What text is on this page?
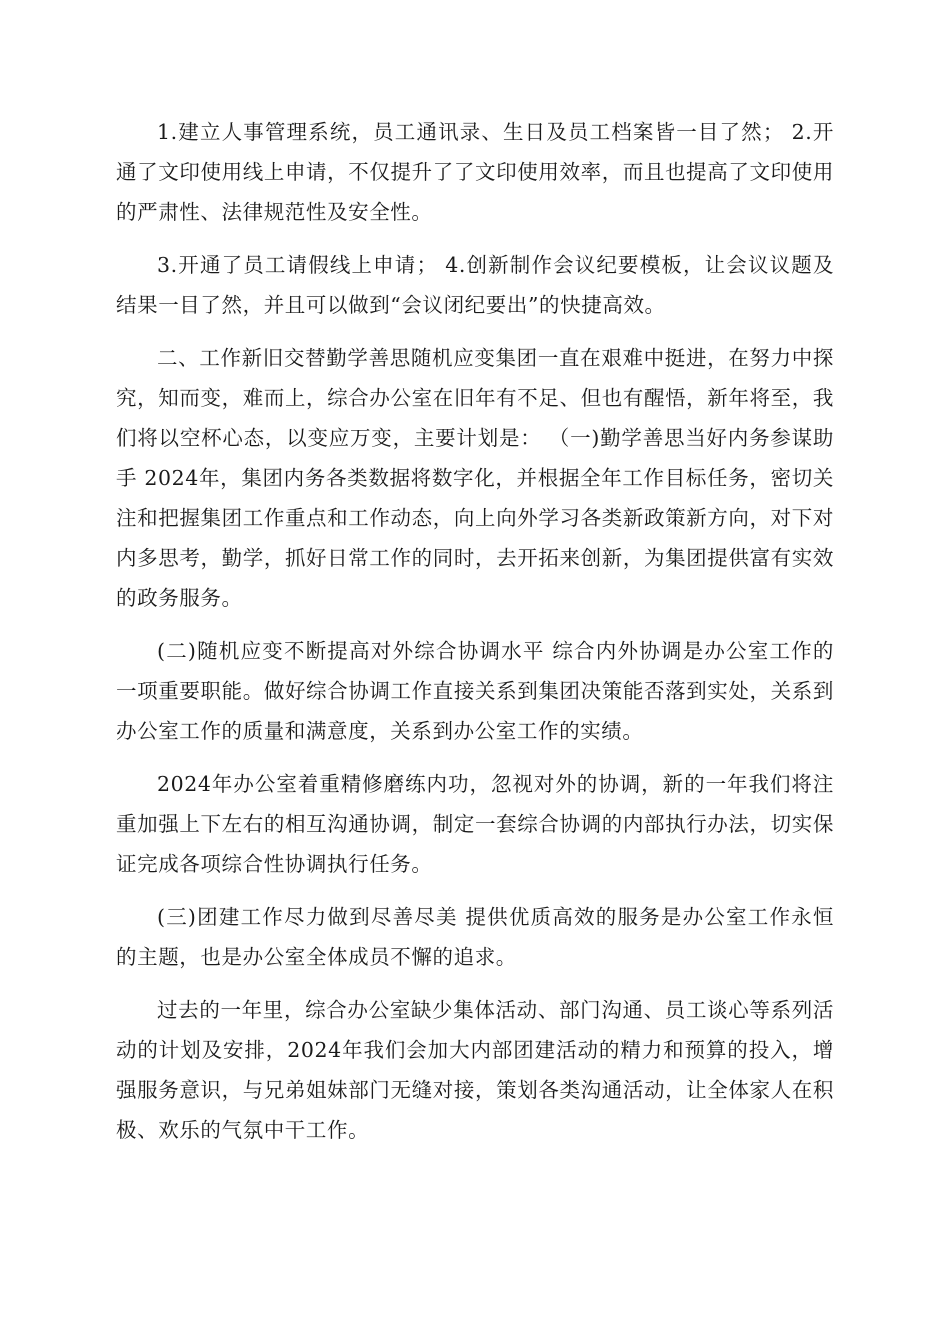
1.建立人事管理系统，员工通讯录、生日及员工档案皆一目了然； 2.开通了文印使用线上申请，不仅提升了了文印使用效率，而且也提高了文印使用的严肃性、法律规范性及安全性。

3.开通了员工请假线上申请； 4.创新制作会议纪要模板，让会议议题及结果一目了然，并且可以做到“会议闭纪要出”的快捷高效。

二、工作新旧交替勤学善思随机应变集团一直在艰难中挺进，在努力中探究，知而变，难而上，综合办公室在旧年有不足、但也有醒悟，新年将至，我们将以空杯心态，以变应万变，主要计划是： （一)勤学善思当好内务参谋助手 2024年，集团内务各类数据将数字化，并根据全年工作目标任务，密切关注和把握集团工作重点和工作动态，向上向外学习各类新政策新方向，对下对内多思考，勤学，抓好日常工作的同时，去开拓来创新，为集团提供富有实效的政务服务。

(二)随机应变不断提高对外综合协调水平 综合内外协调是办公室工作的一项重要职能。做好综合协调工作直接关系到集团决策能否落到实处，关系到办公室工作的质量和满意度，关系到办公室工作的实绩。

2024年办公室着重精修磨练内功，忽视对外的协调，新的一年我们将注重加强上下左右的相互沟通协调，制定一套综合协调的内部执行办法，切实保证完成各项综合性协调执行任务。

(三)团建工作尽力做到尽善尽美 提供优质高效的服务是办公室工作永恒的主题，也是办公室全体成员不懈的追求。

过去的一年里，综合办公室缺少集体活动、部门沟通、员工谈心等系列活动的计划及安排，2024年我们会加大内部团建活动的精力和预算的投入，增强服务意识，与兄弟姐妹部门无缝对接，策划各类沟通活动，让全体家人在积极、欢乐的气氛中干工作。
